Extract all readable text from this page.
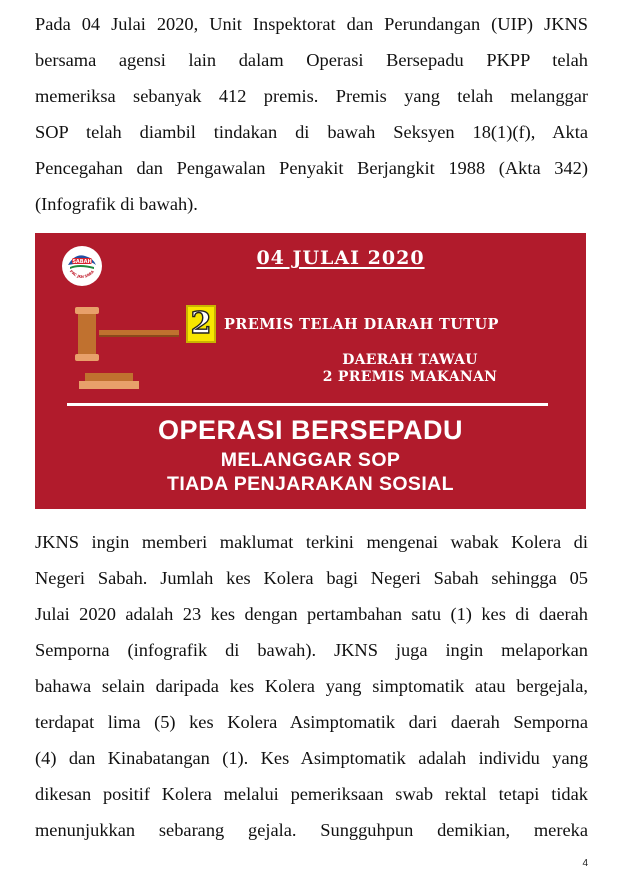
Pada 04 Julai 2020, Unit Inspektorat dan Perundangan (UIP) JKNS
bersama agensi lain dalam Operasi Bersepadu PKPP telah
memeriksa sebanyak 412 premis. Premis yang telah melanggar
SOP telah diambil tindakan di bawah Seksyen 18(1)(f), Akta
Pencegahan dan Pengawalan Penyakit Berjangkit 1988 (Akta 342)
(Infografik di bawah).
SABAH
PRC JKN SABA
04 JULAI 2020
2 PREMIS TELAH DIARAH TUTUP
DAERAH TAWAU
2 PREMIS MAKANAN
OPERASI BERSEPADU
MELANGGAR SOP
TIADA PENJARAKAN SOSIAL
JKNS ingin memberi maklumat terkini mengenai wabak Kolera di
Negeri Sabah. Jumlah kes Kolera bagi Negeri Sabah sehingga 05
Julai 2020 adalah 23 kes dengan pertambahan satu (1) kes di daerah
Semporna (infografik di bawah). JKNS juga ingin melaporkan
bahawa selain daripada kes Kolera yang simptomatik atau bergejala,
terdapat lima (5) kes Kolera Asimptomatik dari daerah Semporna
(4) dan Kinabatangan (1). Kes Asimptomatik adalah individu yang
dikesan positif Kolera melalui pemeriksaan swab rektal tetapi tidak
menunjukkan sebarang gejala. Sungguhpun demikian, mereka
4
